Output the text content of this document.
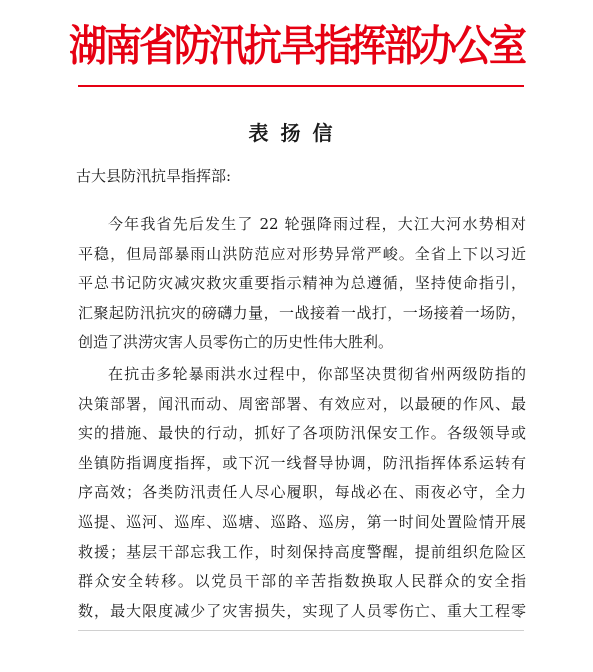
湖南省防汛抗旱指挥部办公室
表扬信
古大县防汛抗旱指挥部:
今年我省先后发生了 22 轮强降雨过程，大江大河水势相对
平稳，但局部暴雨山洪防范应对形势异常严峻。全省上下以习近
平总书记防灾减灾救灾重要指示精神为总遵循，坚持使命指引，
汇聚起防汛抗灾的磅礴力量，一战接着一战打，一场接着一场防，
创造了洪涝灾害人员零伤亡的历史性伟大胜利。
在抗击多轮暴雨洪水过程中，你部坚决贯彻省州两级防指的
决策部署，闻汛而动、周密部署、有效应对，以最硬的作风、最
实的措施、最快的行动，抓好了各项防汛保安工作。各级领导或
坐镇防指调度指挥，或下沉一线督导协调，防汛指挥体系运转有
序高效；各类防汛责任人尽心履职，每战必在、雨夜必守，全力
巡提、巡河、巡库、巡塘、巡路、巡房，第一时间处置险情开展
救援；基层干部忘我工作，时刻保持高度警醒，提前组织危险区
群众安全转移。以党员干部的辛苦指数换取人民群众的安全指
数，最大限度减少了灾害损失，实现了人员零伤亡、重大工程零
